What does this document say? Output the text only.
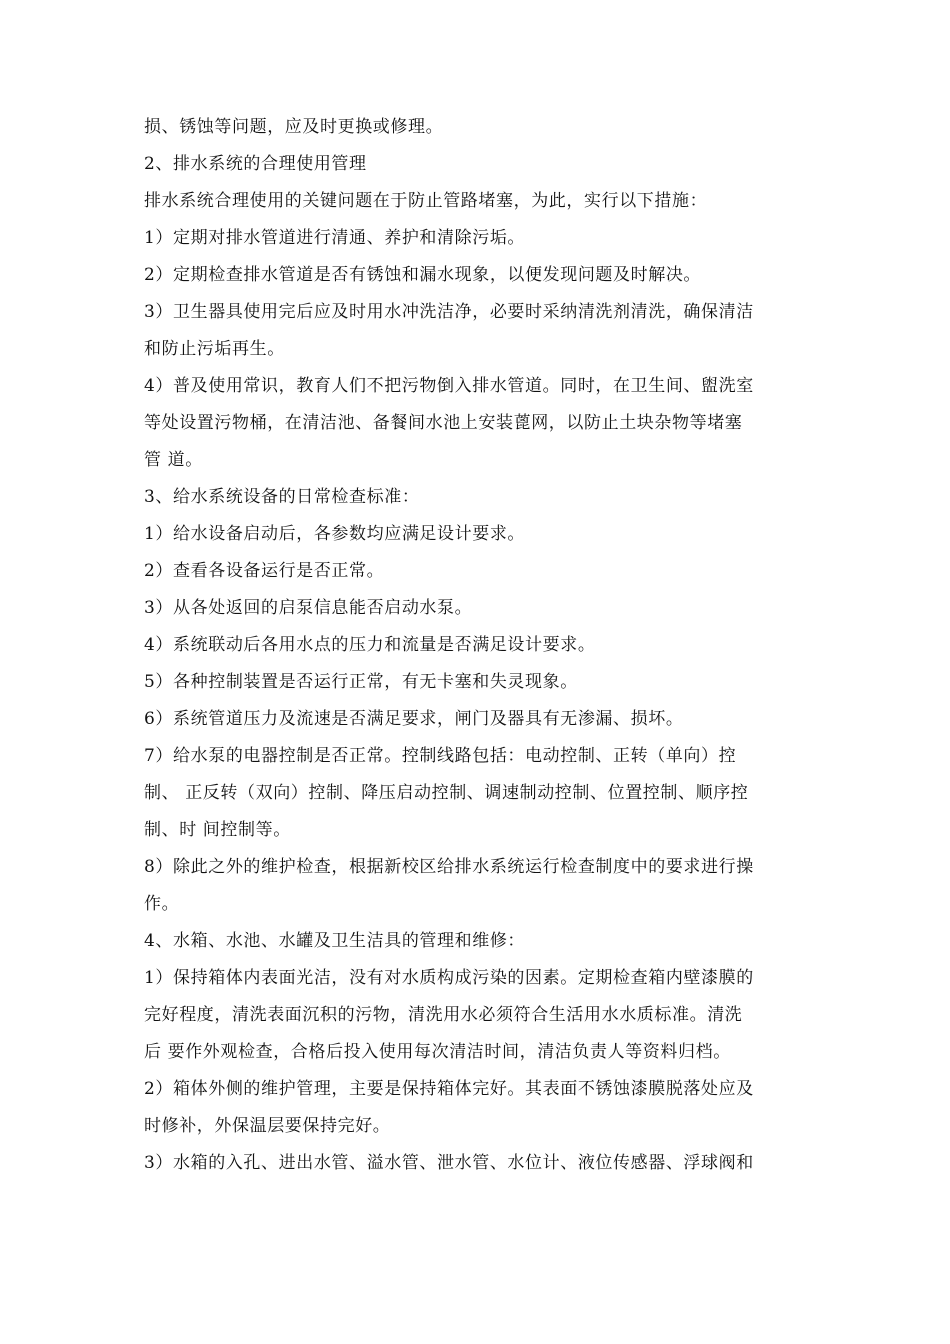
损、锈蚀等问题，应及时更换或修理。
2、排水系统的合理使用管理
排水系统合理使用的关键问题在于防止管路堵塞，为此，实行以下措施：
1）定期对排水管道进行清通、养护和清除污垢。
2）定期检查排水管道是否有锈蚀和漏水现象，以便发现问题及时解决。
3）卫生器具使用完后应及时用水冲洗洁净，必要时采纳清洗剂清洗，确保清洁
和防止污垢再生。
4）普及使用常识，教育人们不把污物倒入排水管道。同时，在卫生间、盥洗室
等处设置污物桶，在清洁池、备餐间水池上安装蓖网，以防止土块杂物等堵塞
管 道。
3、给水系统设备的日常检查标准：
1）给水设备启动后，各参数均应满足设计要求。
2）查看各设备运行是否正常。
3）从各处返回的启泵信息能否启动水泵。
4）系统联动后各用水点的压力和流量是否满足设计要求。
5）各种控制装置是否运行正常，有无卡塞和失灵现象。
6）系统管道压力及流速是否满足要求，闸门及器具有无渗漏、损坏。
7）给水泵的电器控制是否正常。控制线路包括：电动控制、正转（单向）控
制、 正反转（双向）控制、降压启动控制、调速制动控制、位置控制、顺序控
制、时 间控制等。
8）除此之外的维护检查，根据新校区给排水系统运行检查制度中的要求进行操
作。
4、水箱、水池、水罐及卫生洁具的管理和维修：
1）保持箱体内表面光洁，没有对水质构成污染的因素。定期检查箱内壁漆膜的
完好程度，清洗表面沉积的污物，清洗用水必须符合生活用水水质标准。清洗
后 要作外观检查，合格后投入使用每次清洁时间，清洁负责人等资料归档。
2）箱体外侧的维护管理，主要是保持箱体完好。其表面不锈蚀漆膜脱落处应及
时修补，外保温层要保持完好。
3）水箱的入孔、进出水管、溢水管、泄水管、水位计、液位传感器、浮球阀和
